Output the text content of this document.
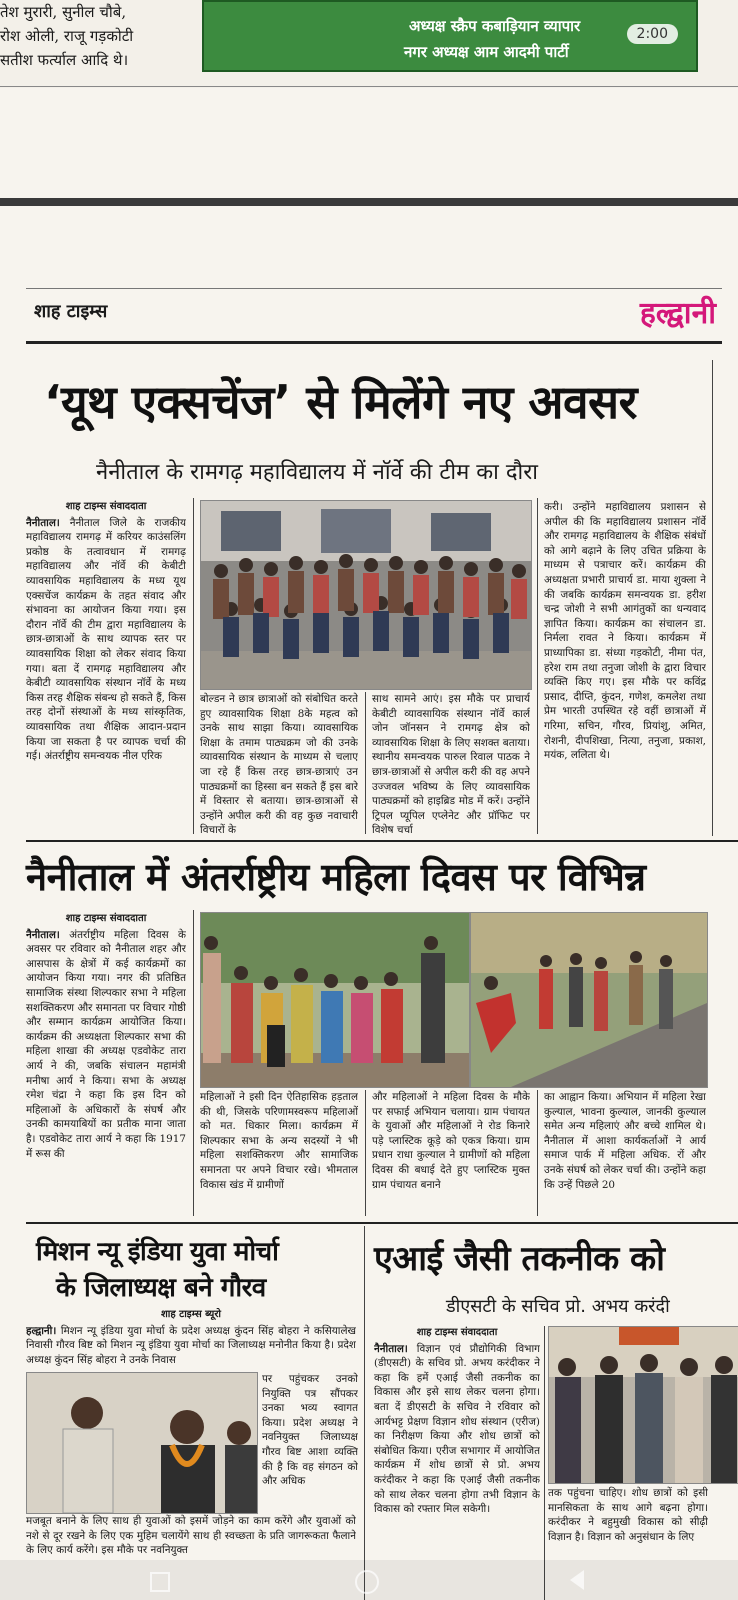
तेश मुरारी, सुनील चौबे,
रोश ओली, राजू गड़कोटी
सतीश फर्त्याल आदि थे।
अध्यक्ष स्क्रैप कबाड़ियान व्यापार
नगर अध्यक्ष आम आदमी पार्टी
2:00
शाह टाइम्स	हल्द्वानी
‘यूथ एक्सचेंज’ से मिलेंगे नए अवसर
नैनीताल के रामगढ़ महाविद्यालय में नॉर्वे की टीम का दौरा
शाह टाइम्स संवाददाता

नैनीताल। नैनीताल जिले के राजकीय महाविद्यालय रामगढ़ में करियर काउंसलिंग प्रकोष्ठ के तत्वावधान में रामगढ़ महाविद्यालय और नॉर्वे की केबीटी व्यावसायिक महाविद्यालय के मध्य यूथ एक्सचेंज कार्यक्रम के तहत संवाद और संभावना का आयोजन किया गया। इस दौरान नॉर्वे की टीम द्वारा महाविद्यालय के छात्र-छात्राओं के साथ व्यापक स्तर पर व्यावसायिक शिक्षा को लेकर संवाद किया गया। बता दें रामगढ़ महाविद्यालय और केबीटी व्यावसायिक संस्थान नॉर्वे के मध्य किस तरह शैक्षिक संबन्ध हो सकते हैं, किस तरह दोनों संस्थाओं के मध्य सांस्कृतिक, व्यावसायिक तथा शैक्षिक आदान-प्रदान किया जा सकता है पर व्यापक चर्चा की गई। अंतर्राष्ट्रीय समन्वयक नील एरिक

बोल्डन ने छात्र छात्राओं को संबोधित करते हुए व्यावसायिक शिक्षा 8के महत्व को उनके साथ साझा किया। व्यावसायिक शिक्षा के तमाम पाठ्यक्रम जो की उनके व्यावसायिक संस्थान के माध्यम से चलाए जा रहे हैं किस तरह छात्र-छात्राएं उन पाठ्यक्रमों का हिस्सा बन सकते हैं इस बारे में विस्तार से बताया। छात्र-छात्राओं से उन्होंने अपील करी की वह कुछ नवाचारी विचारों के

साथ सामने आएं। इस मौके पर प्राचार्य केबीटी व्यावसायिक संस्थान नॉर्वे कार्ल जोन जॉनसन ने रामगढ़ क्षेत्र को व्यावसायिक शिक्षा के लिए सशक्त बताया। स्थानीय समन्वयक पारुल रिवाल पाठक ने छात्र-छात्राओं से अपील करी की वह अपने उज्जवल भविष्य के लिए व्यावसायिक पाठ्यक्रमों को हाइब्रिड मोड में करें। उन्होंने ट्रिपल प्यूपिल एप्लेनेट और प्रॉफिट पर विशेष चर्चा

करी। उन्होंने महाविद्यालय प्रशासन से अपील की कि महाविद्यालय प्रशासन नॉर्वे और रामगढ़ महाविद्यालय के शैक्षिक संबंधों को आगे बढ़ाने के लिए उचित प्रक्रिया के माध्यम से पत्राचार करें। कार्यक्रम की अध्यक्षता प्रभारी प्राचार्य डा. माया शुक्ला ने की जबकि कार्यक्रम समन्वयक डा. हरीश चन्द्र जोशी ने सभी आगंतुकों का धन्यवाद ज्ञापित किया। कार्यक्रम का संचालन डा. निर्मला रावत ने किया। कार्यक्रम में प्राध्यापिका डा. संध्या गड़कोटी, नीमा पंत, हरेश राम तथा तनुजा जोशी के द्वारा विचार व्यक्ति किए गए। इस मौके पर कविंद्र प्रसाद, दीप्ति, कुंदन, गणेश, कमलेश तथा प्रेम भारती उपस्थित रहे वहीं छात्राओं में गरिमा, सचिन, गौरव, प्रियांशु, अमित, रोशनी, दीपशिखा, नित्या, तनुजा, प्रकाश, मयंक, ललिता थे।

नैनीताल में अंतर्राष्ट्रीय महिला दिवस पर विभिन्न
शाह टाइम्स संवाददाता

नैनीताल। अंतर्राष्ट्रीय महिला दिवस के अवसर पर रविवार को नैनीताल शहर और आसपास के क्षेत्रों में कई कार्यक्रमों का आयोजन किया गया। नगर की प्रतिष्ठित सामाजिक संस्था शिल्पकार सभा ने महिला सशक्तिकरण और समानता पर विचार गोष्ठी और सम्मान कार्यक्रम आयोजित किया। कार्यक्रम की अध्यक्षता शिल्पकार सभा की महिला शाखा की अध्यक्ष एडवोकेट तारा आर्य ने की, जबकि संचालन महामंत्री मनीषा आर्य ने किया। सभा के अध्यक्ष रमेश चंद्रा ने कहा कि इस दिन को महिलाओं के अधिकारों के संघर्ष और उनकी कामयाबियों का प्रतीक माना जाता है। एडवोकेट तारा आर्य ने कहा कि 1917 में रूस की

महिलाओं ने इसी दिन ऐतिहासिक हड़ताल की थी, जिसके परिणामस्वरूप महिलाओं को मत. धिकार मिला। कार्यक्रम में शिल्पकार सभा के अन्य सदस्यों ने भी महिला सशक्तिकरण और सामाजिक समानता पर अपने विचार रखे। भीमताल विकास खंड में ग्रामीणों

और महिलाओं ने महिला दिवस के मौके पर सफाई अभियान चलाया। ग्राम पंचायत के युवाओं और महिलाओं ने रोड किनारे पड़े प्लास्टिक कूड़े को एकत्र किया। ग्राम प्रधान राधा कुल्याल ने ग्रामीणों को महिला दिवस की बधाई देते हुए प्लास्टिक मुक्त ग्राम पंचायत बनाने

का आह्वान किया। अभियान में महिला रेखा कुल्याल, भावना कुल्याल, जानकी कुल्याल समेत अन्य महिलाएं और बच्चे शामिल थे। नैनीताल में आशा कार्यकर्ताओं ने आर्य समाज पार्क में महिला अधिक. रों और उनके संघर्ष को लेकर चर्चा की। उन्होंने कहा कि उन्हें पिछले 20

मिशन न्यू इंडिया युवा मोर्चा
के जिलाध्यक्ष बने गौरव
शाह टाइम्स ब्यूरो

हल्द्वानी। मिशन न्यू इंडिया युवा मोर्चा के प्रदेश अध्यक्ष कुंदन सिंह बोहरा ने कसियालेख निवासी गौरव बिष्ट को मिशन न्यू इंडिया युवा मोर्चा का जिलाध्यक्ष मनोनीत किया है। प्रदेश अध्यक्ष कुंदन सिंह बोहरा ने उनके निवास

पर पहुंचकर उनको नियुक्ति पत्र सौंपकर उनका भव्य स्वागत किया। प्रदेश अध्यक्ष ने नवनियुक्त जिलाध्यक्ष गौरव बिष्ट आशा व्यक्ति की है कि वह संगठन को और अधिक

मजबूत बनाने के लिए साथ ही युवाओं को इसमें जोड़ने का काम करेंगे और युवाओं को नशे से दूर रखने के लिए एक मुहिम चलायेंगे साथ ही स्वच्छता के प्रति जागरूकता फैलाने के लिए कार्य करेंगे। इस मौके पर नवनियुक्त

एआई जैसी तकनीक को
डीएसटी के सचिव प्रो. अभय करंदी
शाह टाइम्स संवाददाता

नैनीताल। विज्ञान एवं प्रौद्योगिकी विभाग (डीएसटी) के सचिव प्रो. अभय करंदीकर ने कहा कि हमें एआई जैसी तकनीक का विकास और इसे साथ लेकर चलना होगा। बता दें डीएसटी के सचिव ने रविवार को आर्यभट्ट प्रेक्षण विज्ञान शोध संस्थान (एरीज) का निरीक्षण किया और शोध छात्रों को संबोधित किया। एरीज सभागार में आयोजित कार्यक्रम में शोध छात्रों से प्रो. अभय करंदीकर ने कहा कि एआई जैसी तकनीक को साथ लेकर चलना होगा तभी विज्ञान के विकास को रफ्तार मिल सकेगी।

तक पहुंचना चाहिए। शोध छात्रों को इसी मानसिकता के साथ आगे बढ़ना होगा। करंदीकर ने बहुमुखी विकास को सीढ़ी विज्ञान है। विज्ञान को अनुसंधान के लिए
